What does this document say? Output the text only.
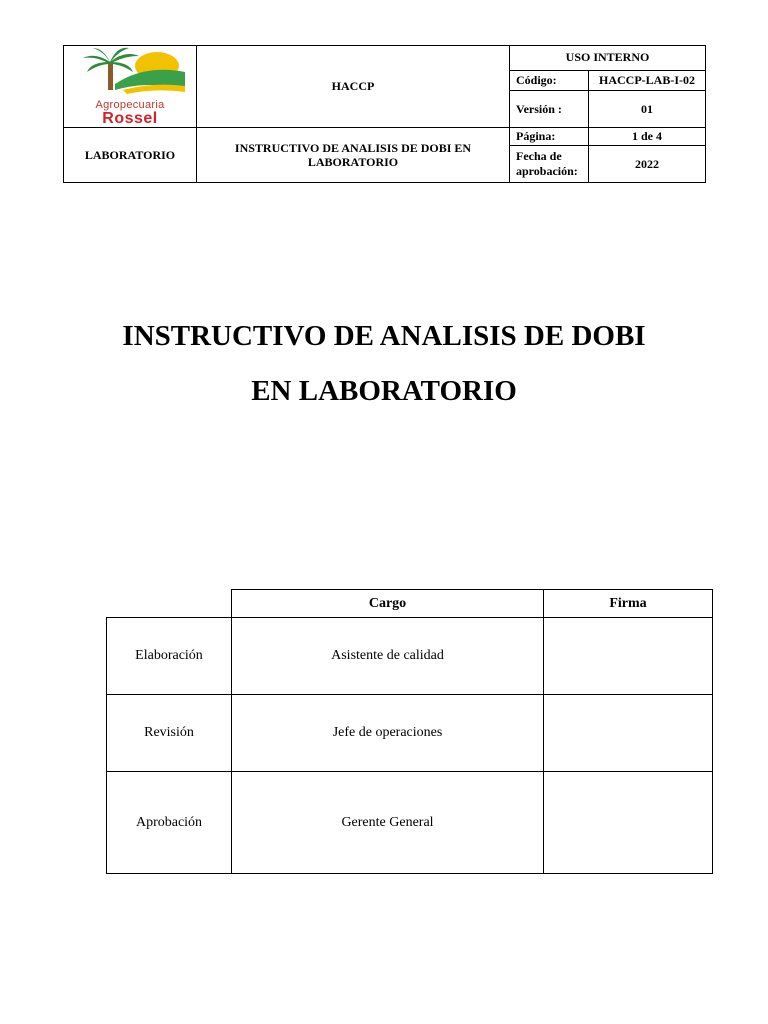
Agropecuaria
Rossel	HACCP	USO INTERNO	
		Código:	HACCP-LAB-I-02
		Versión :	01
LABORATORIO	INSTRUCTIVO DE ANALISIS DE DOBI EN LABORATORIO	Página:	1 de 4
		Fecha de aprobación:	2022
INSTRUCTIVO DE ANALISIS DE DOBI
EN LABORATORIO
	Cargo	Firma
Elaboración	Asistente de calidad	
Revisión	Jefe de operaciones	
Aprobación	Gerente General	
